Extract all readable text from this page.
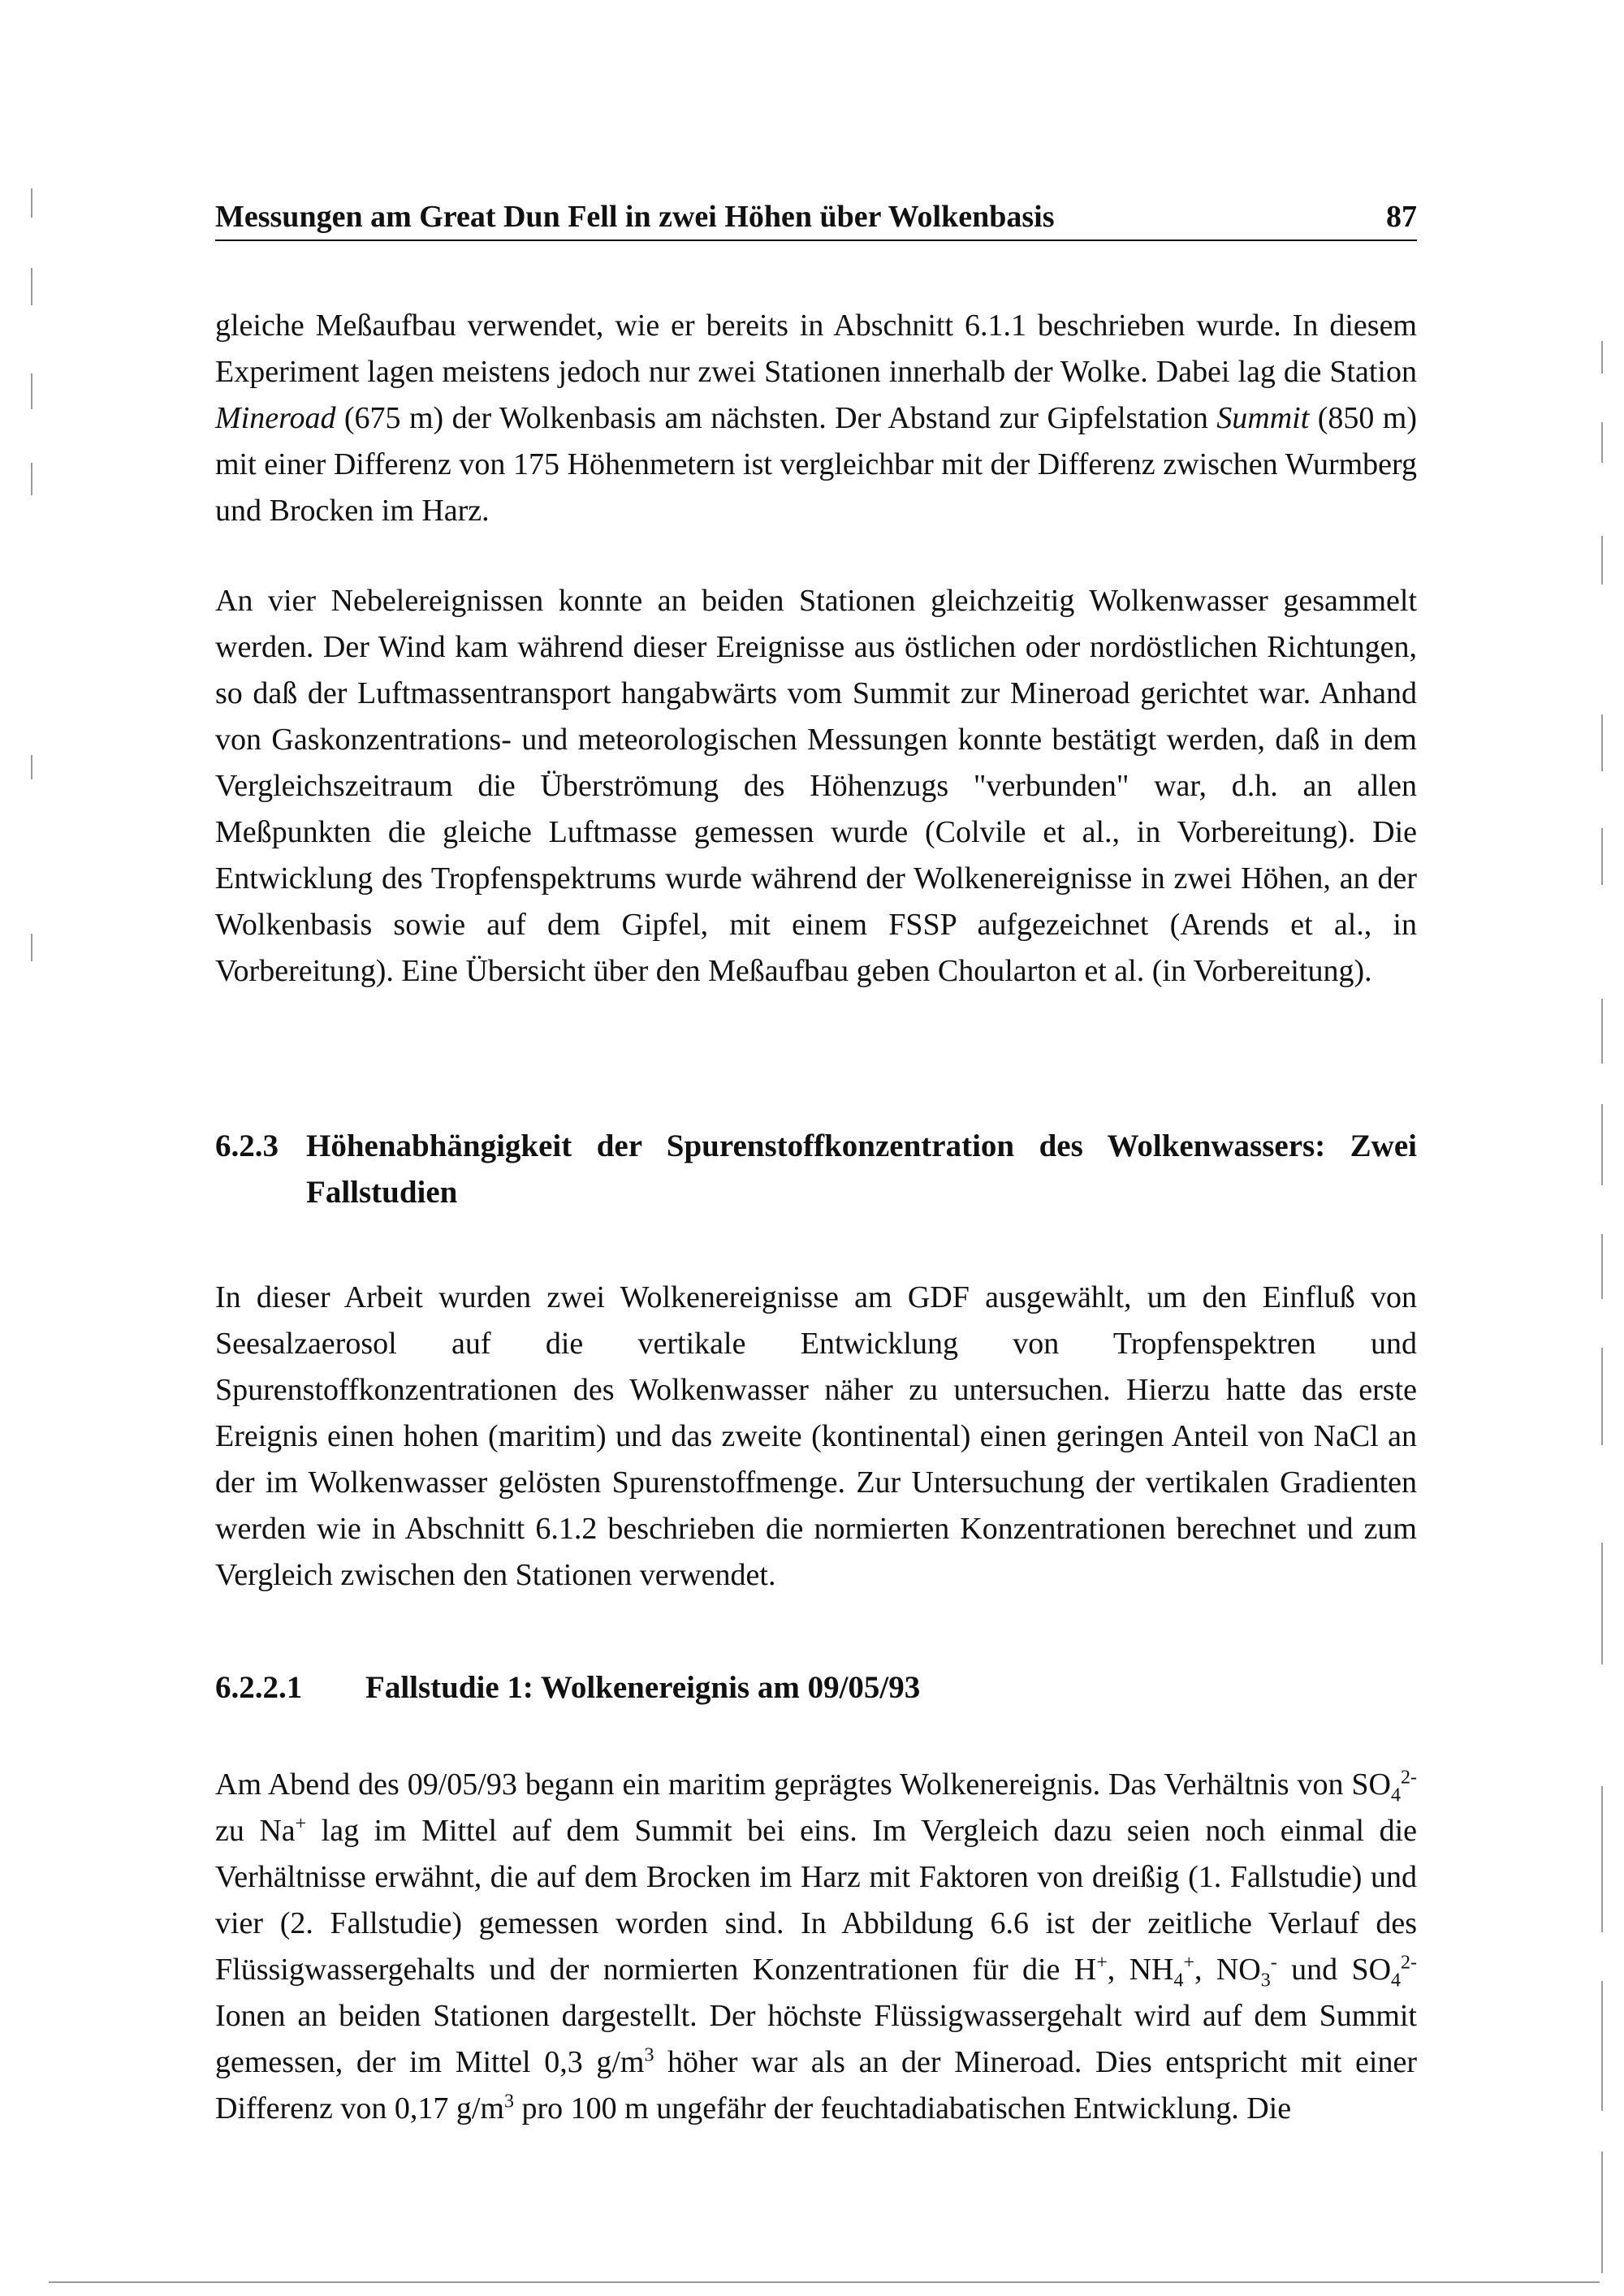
Messungen am Great Dun Fell in zwei Höhen über Wolkenbasis	87

gleiche Meßaufbau verwendet, wie er bereits in Abschnitt 6.1.1 beschrieben wurde. In diesem Experiment lagen meistens jedoch nur zwei Stationen innerhalb der Wolke. Dabei lag die Station Mineroad (675 m) der Wolkenbasis am nächsten. Der Abstand zur Gipfelstation Summit (850 m) mit einer Differenz von 175 Höhenmetern ist vergleichbar mit der Differenz zwischen Wurmberg und Brocken im Harz.

An vier Nebelereignissen konnte an beiden Stationen gleichzeitig Wolkenwasser gesammelt werden. Der Wind kam während dieser Ereignisse aus östlichen oder nordöstlichen Richtungen, so daß der Luftmassentransport hangabwärts vom Summit zur Mineroad gerichtet war. Anhand von Gaskonzentrations- und meteorologischen Messungen konnte bestätigt werden, daß in dem Vergleichszeitraum die Überströmung des Höhenzugs "verbunden" war, d.h. an allen Meßpunkten die gleiche Luftmasse gemessen wurde (Colvile et al., in Vorbereitung). Die Entwicklung des Tropfenspektrums wurde während der Wolkenereignisse in zwei Höhen, an der Wolkenbasis sowie auf dem Gipfel, mit einem FSSP aufgezeichnet (Arends et al., in Vorbereitung). Eine Übersicht über den Meßaufbau geben Choularton et al. (in Vorbereitung).

6.2.3 Höhenabhängigkeit der Spurenstoffkonzentration des Wolkenwassers: Zwei Fallstudien

In dieser Arbeit wurden zwei Wolkenereignisse am GDF ausgewählt, um den Einfluß von Seesalzaerosol auf die vertikale Entwicklung von Tropfenspektren und Spurenstoffkonzentrationen des Wolkenwasser näher zu untersuchen. Hierzu hatte das erste Ereignis einen hohen (maritim) und das zweite (kontinental) einen geringen Anteil von NaCl an der im Wolkenwasser gelösten Spurenstoffmenge. Zur Untersuchung der vertikalen Gradienten werden wie in Abschnitt 6.1.2 beschrieben die normierten Konzentrationen berechnet und zum Vergleich zwischen den Stationen verwendet.

6.2.2.1	Fallstudie 1: Wolkenereignis am 09/05/93

Am Abend des 09/05/93 begann ein maritim geprägtes Wolkenereignis. Das Verhältnis von $SO_4^{2-}$ zu Na+ lag im Mittel auf dem Summit bei eins. Im Vergleich dazu seien noch einmal die Verhältnisse erwähnt, die auf dem Brocken im Harz mit Faktoren von dreißig (1. Fallstudie) und vier (2. Fallstudie) gemessen worden sind. In Abbildung 6.6 ist der zeitliche Verlauf des Flüssigwassergehalts und der normierten Konzentrationen für die H+, $NH_4^+$, $NO_3^-$ und $SO_4^{2-}$ Ionen an beiden Stationen dargestellt. Der höchste Flüssigwassergehalt wird auf dem Summit gemessen, der im Mittel 0,3 $g/m^3$ höher war als an der Mineroad. Dies entspricht mit einer Differenz von 0,17 $g/m^3$ pro 100 m ungefähr der feuchtadiabatischen Entwicklung. Die
